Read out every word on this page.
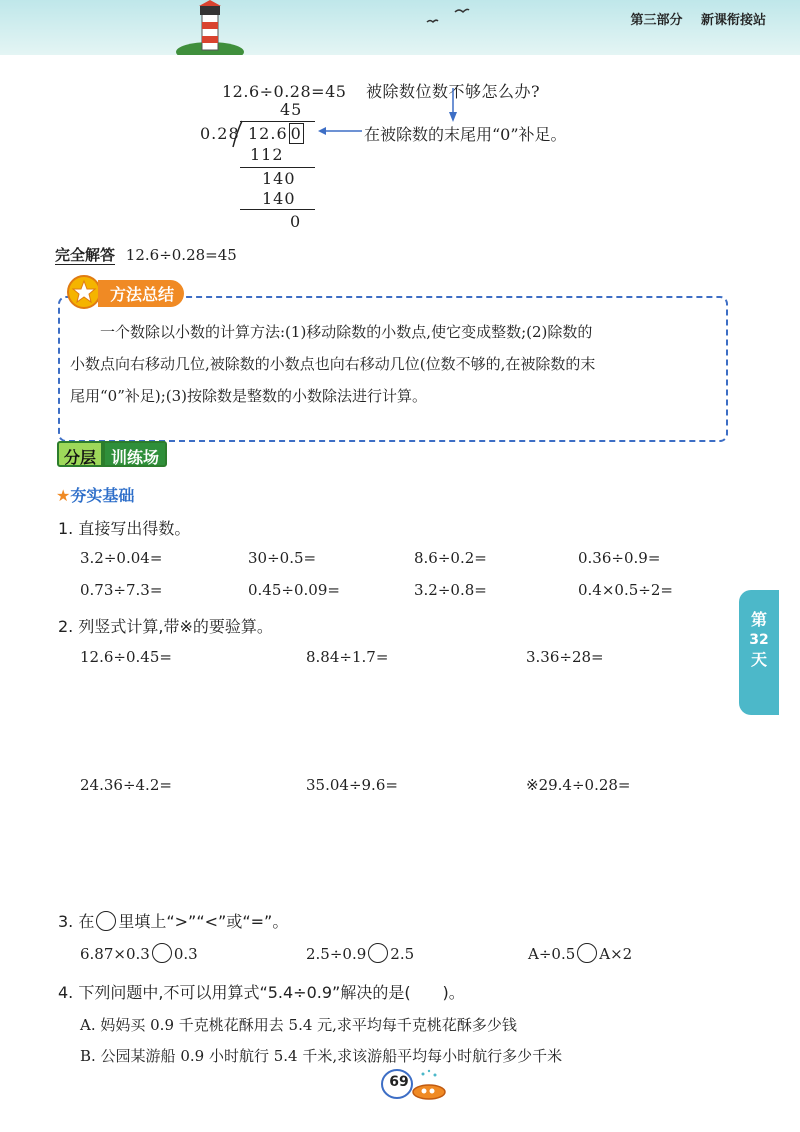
第三部分 新课衔接站
12.6÷0.28=45 被除数位数不够怎么办?
45
0.28 12.6 0	在被除数的末尾用“0”补足。
112
140
140
0
完全解答 12.6÷0.28=45
方法总结
一个数除以小数的计算方法:(1)移动除数的小数点,使它变成整数;(2)除数的
小数点向右移动几位,被除数的小数点也向右移动几位(位数不够的,在被除数的末
尾用“0”补足);(3)按除数是整数的小数除法进行计算。
分层 训练场
★夯实基础
1. 直接写出得数。
3.2÷0.04=	30÷0.5=	8.6÷0.2=	0.36÷0.9=
0.73÷7.3=	0.45÷0.09=	3.2÷0.8=	0.4×0.5÷2=
2. 列竖式计算,带※的要验算。
12.6÷0.45=	8.84÷1.7=	3.36÷28=
24.36÷4.2=	35.04÷9.6=	※29.4÷0.28=
3. 在 里填上“>”“<”或“=”。
6.87×0.3 0.3	2.5÷0.9 2.5	A÷0.5 A×2
4. 下列问题中,不可以用算式“5.4÷0.9”解决的是(　　)。
A. 妈妈买 0.9 千克桃花酥用去 5.4 元,求平均每千克桃花酥多少钱
B. 公园某游船 0.9 小时航行 5.4 千米,求该游船平均每小时航行多少千米
第
32
天
69
